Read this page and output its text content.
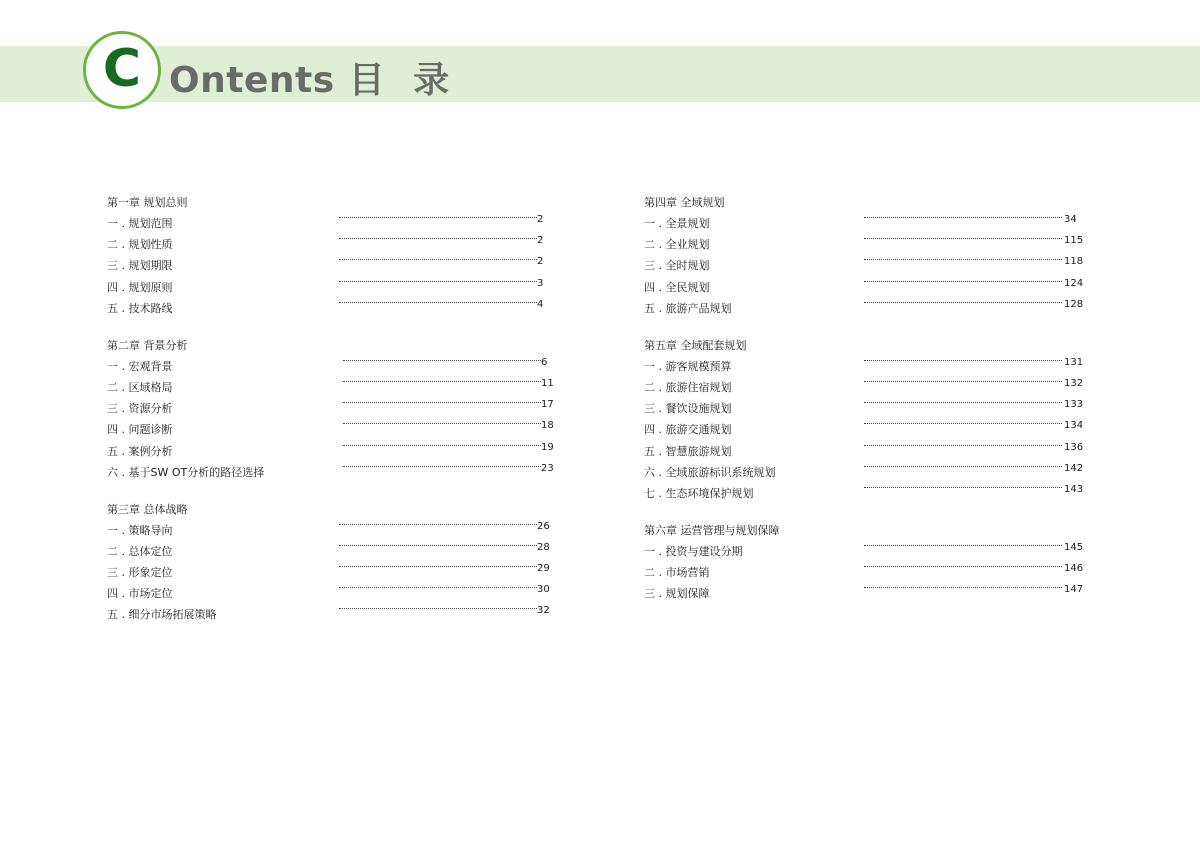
C Ontents 目 录
第一章 规划总则
一 . 规划范围	2
二 . 规划性质	2
三 . 规划期限	2
四 . 规划原则	3
五 . 技术路线	4
第二章 背景分析
一 . 宏观背景	6
二 . 区域格局	11
三 . 资源分析	17
四 . 问题诊断	18
五 . 案例分析	19
六 . 基于SW OT分析的路径选择	23
第三章 总体战略
一 . 策略导向	26
二 . 总体定位	28
三 . 形象定位	29
四 . 市场定位	30
五 . 细分市场拓展策略	32
第四章 全域规划
一 . 全景规划	34
二 . 全业规划	115
三 . 全时规划	118
四 . 全民规划	124
五 . 旅游产品规划	128
第五章 全域配套规划
一 . 游客规模预算	131
二 . 旅游住宿规划	132
三 . 餐饮设施规划	133
四 . 旅游交通规划	134
五 . 智慧旅游规划	136
六 . 全域旅游标识系统规划	142
七 . 生态环境保护规划	143
第六章 运营管理与规划保障
一 . 投资与建设分期	145
二 . 市场营销	146
三 . 规划保障	147
